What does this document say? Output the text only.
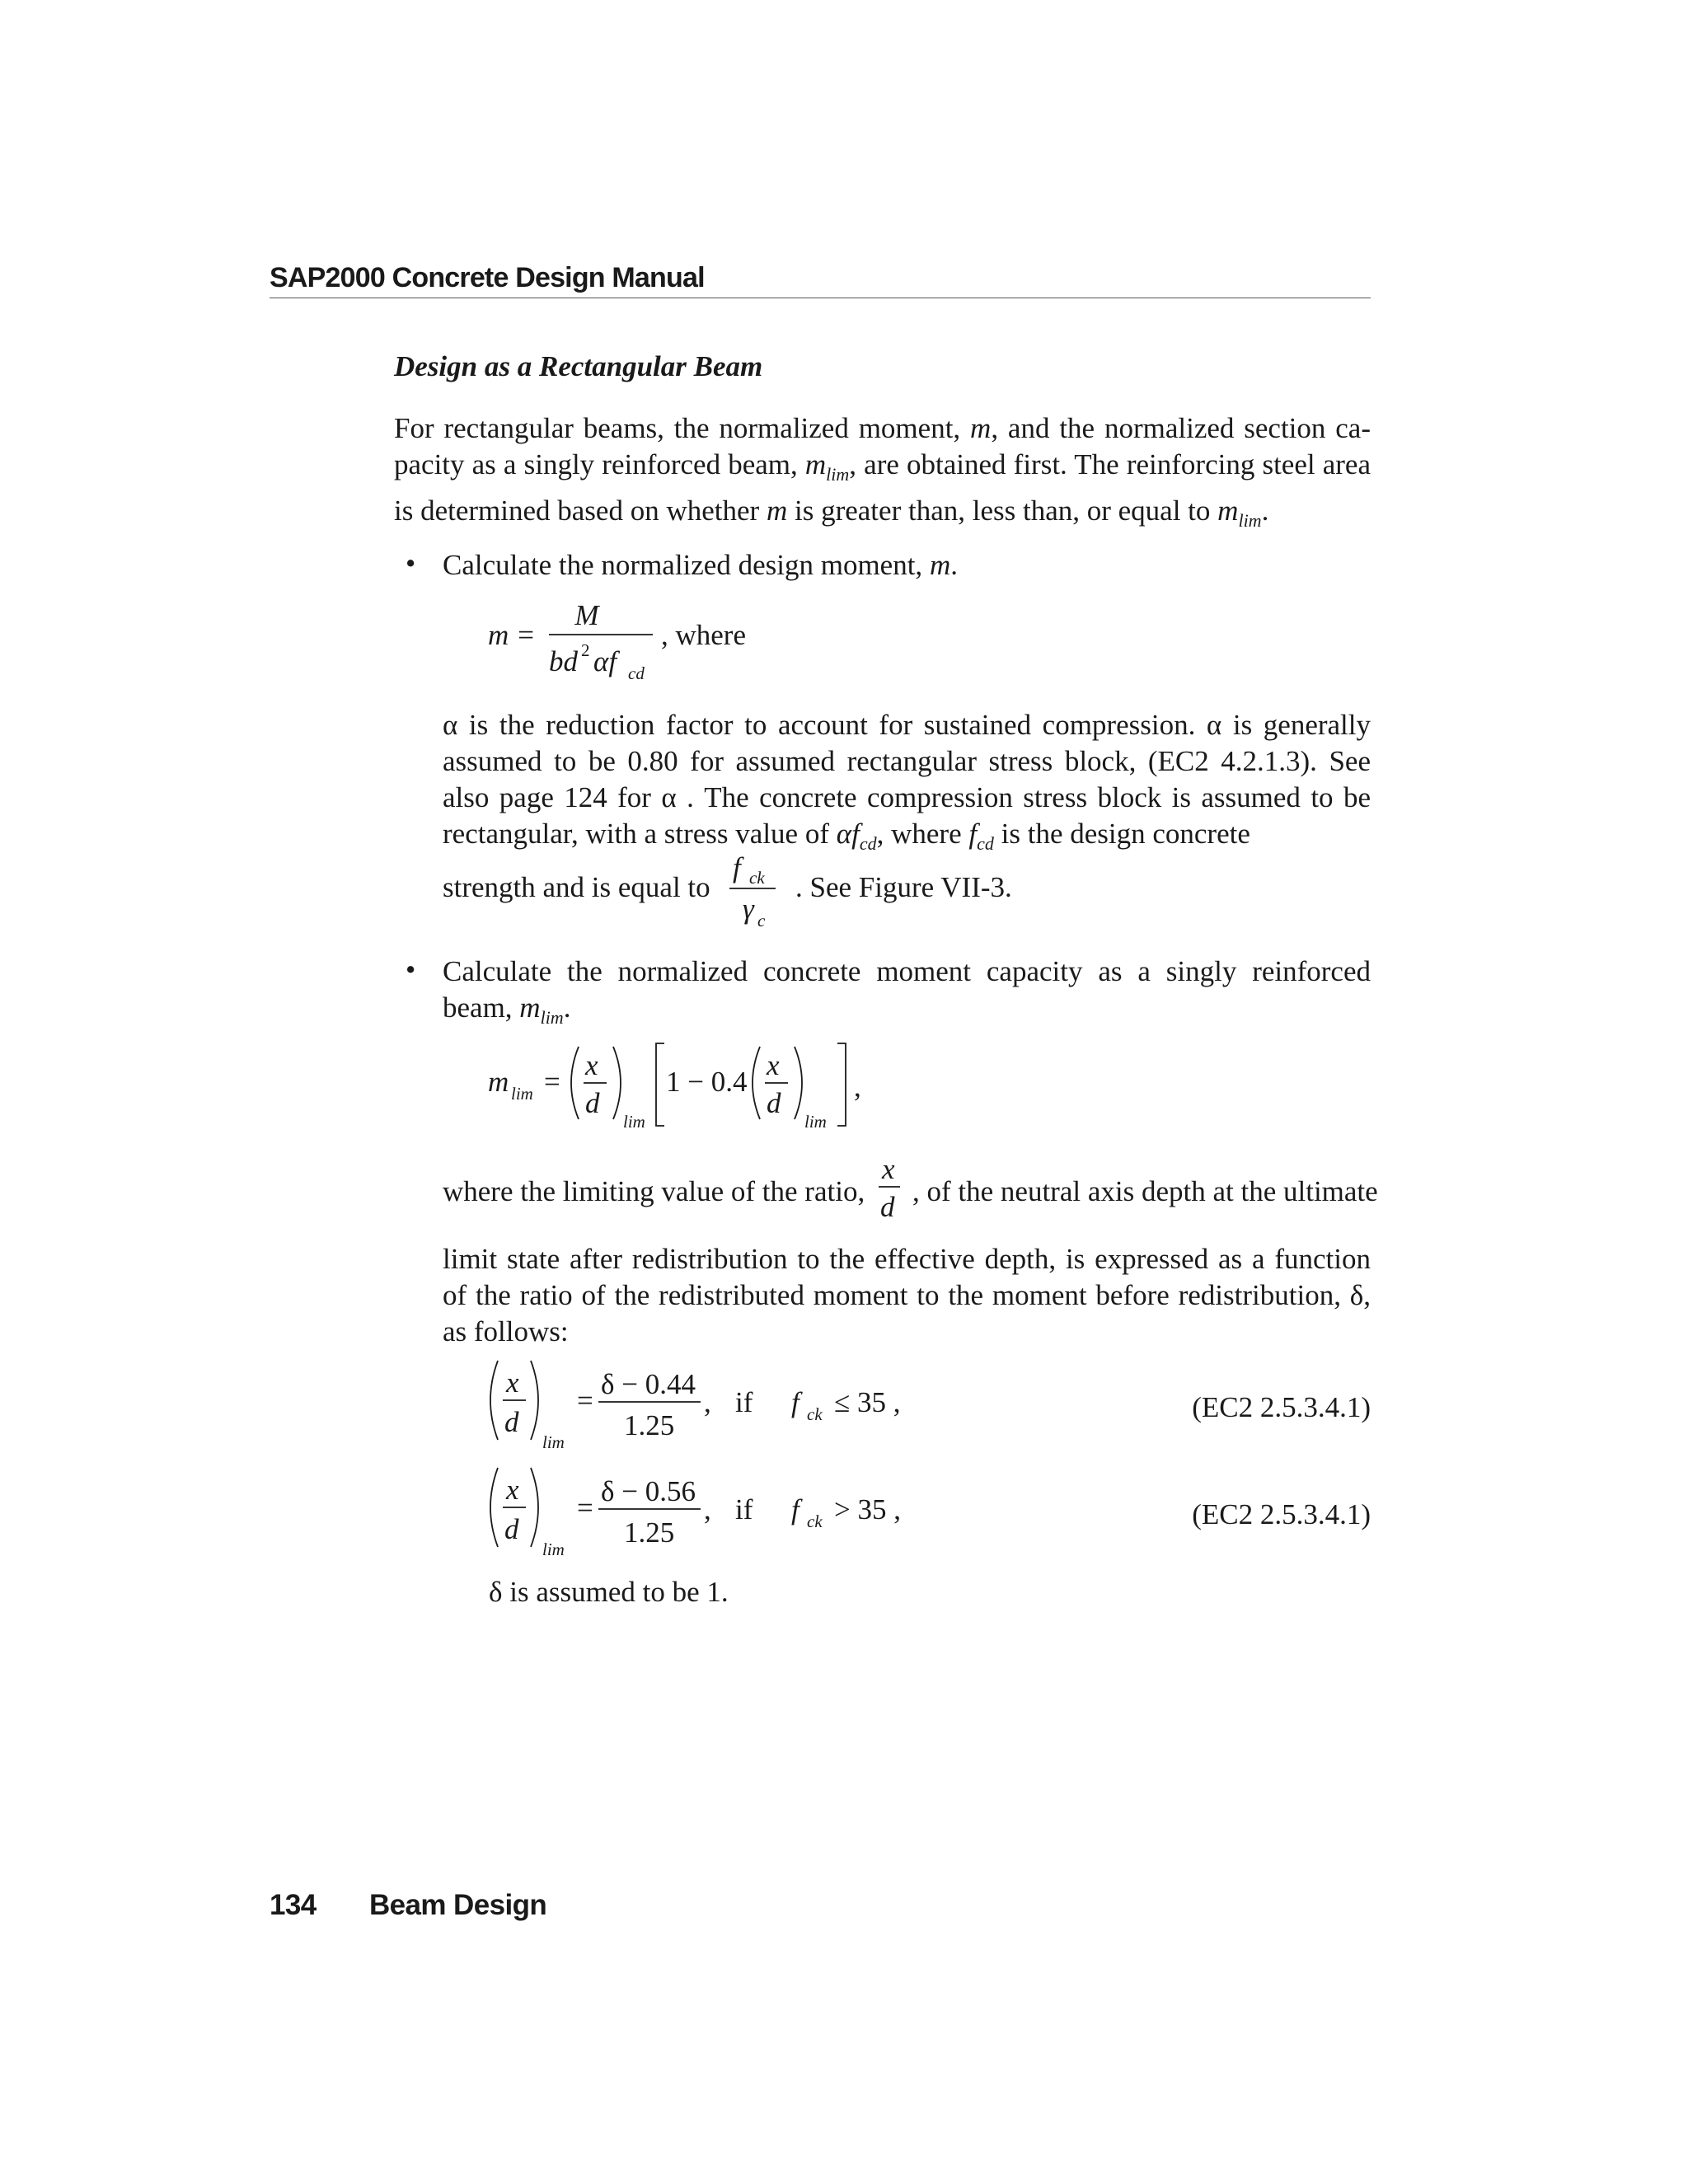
SAP2000 Concrete Design Manual
Design as a Rectangular Beam
For rectangular beams, the normalized moment, m, and the normalized section ca-pacity as a singly reinforced beam, $m_{lim}$, are obtained first. The reinforcing steel area is determined based on whether m is greater than, less than, or equal to $m_{lim}$.
• Calculate the normalized design moment, m.
m =
M
bd 2 αf cd
, where
α is the reduction factor to account for sustained compression. α is generally assumed to be 0.80 for assumed rectangular stress block, (EC2 4.2.1.3). See also page 124 for α . The concrete compression stress block is assumed to be rectangular, with a stress value of $\alpha f_{cd}$, where $f_{cd}$ is the design concrete
strength and is equal to
f ck
γ c
. See Figure VII-3.
• Calculate the normalized concrete moment capacity as a singly reinforced beam, $m_{lim}$.
m lim =
x
d
lim
1 − 0.4
x
d
lim
,
where the limiting value of the ratio,
x
d , of the neutral axis depth at the ultimate
limit state after redistribution to the effective depth, is expressed as a function of the ratio of the redistributed moment to the moment before redistribution, δ, as follows:
x
d
lim
=
δ − 0.44
1.25
, if f ck ≤ 35 ,	(EC2 2.5.3.4.1)
x
d
lim
=
δ − 0.56
1.25
, if f ck > 35 ,	(EC2 2.5.3.4.1)
δ is assumed to be 1.
134 Beam Design
